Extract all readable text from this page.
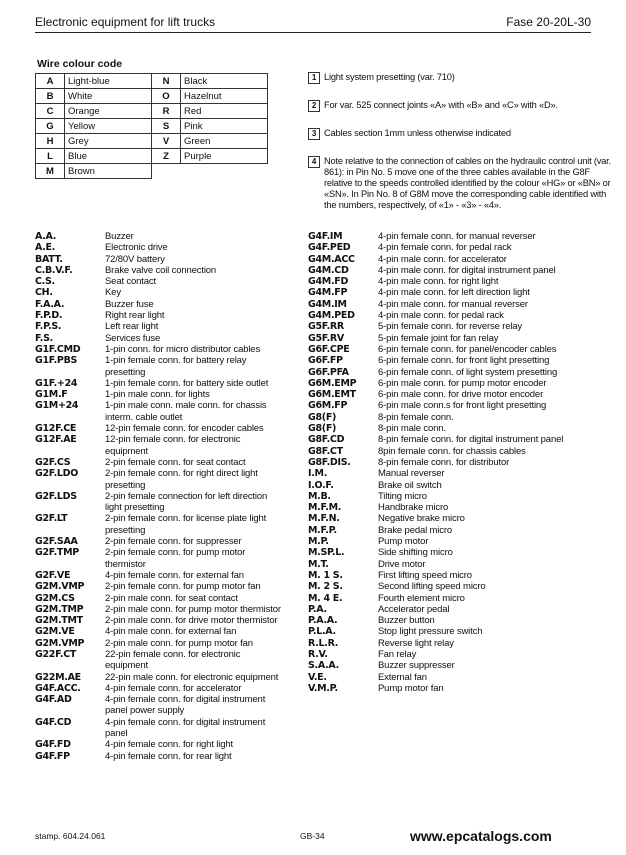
Electronic equipment for lift trucks	Fase 20-20L-30
Wire colour code
A	Light-blue	N	Black
B	White	O	Hazelnut
C	Orange	R	Red
G	Yellow	S	Pink
H	Grey	V	Green
L	Blue	Z	Purple
M	Brown		
1 Light system presetting (var. 710)
2 For var. 525 connect joints «A» with «B» and «C» with «D».
3 Cables section 1mm unless otherwise indicated
4 Note relative to the connection of cables on the hydraulic control unit (var. 861): in Pin No. 5 move one of the three cables available in the G8F relative to the speeds controlled identified by the colour «HG» or «BN» or «SN». In Pin No. 8 of G8M move the corresponding cable identified with the numbers, respectively, of «1» - «3» - «4».
A.A.	Buzzer
A.E.	Electronic drive
BATT.	72/80V battery
C.B.V.F.	Brake valve coil connection
C.S.	Seat contact
CH.	Key
F.A.A.	Buzzer fuse
F.P.D.	Right rear light
F.P.S.	Left rear light
F.S.	Services fuse
G1F.CMD	1-pin conn. for micro distributor cables
G1F.PBS	1-pin female conn. for battery relay presetting
G1F.+24	1-pin female conn. for battery side outlet
G1M.F	1-pin male conn. for lights
G1M+24	1-pin male conn. male conn. for chassis interm. cable outlet
G12F.CE	12-pin female conn. for encoder cables
G12F.AE	12-pin female conn. for electronic equipment
G2F.CS	2-pin female conn. for seat contact
G2F.LDO	2-pin female conn. for right direct light presetting
G2F.LDS	2-pin female connection for left direction light presetting
G2F.LT	2-pin female conn. for license plate light presetting
G2F.SAA	2-pin female conn. for suppresser
G2F.TMP	2-pin female conn. for pump motor thermistor
G2F.VE	4-pin female conn. for external fan
G2M.VMP	2-pin female conn. for pump motor fan
G2M.CS	2-pin male conn. for seat contact
G2M.TMP	2-pin male conn. for pump motor thermistor
G2M.TMT	2-pin male conn. for drive motor thermistor
G2M.VE	4-pin male conn. for external fan
G2M.VMP	2-pin male conn. for pump motor fan
G22F.CT	22-pin female conn. for electronic equipment
G22M.AE	22-pin male conn. for electronic equipment
G4F.ACC.	4-pin female conn. for accelerator
G4F.AD	4-pin female conn. for digital instrument panel power supply
G4F.CD	4-pin female conn. for digital instrument panel
G4F.FD	4-pin female conn. for right light
G4F.FP	4-pin female conn. for rear light
G4F.IM	4-pin female conn. for manual reverser
G4F.PED	4-pin female conn. for pedal rack
G4M.ACC	4-pin male conn. for accelerator
G4M.CD	4-pin male conn. for digital instrument panel
G4M.FD	4-pin male conn. for right light
G4M.FP	4-pin male conn. for left direction light
G4M.IM	4-pin male conn. for manual reverser
G4M.PED	4-pin male conn. for pedal rack
G5F.RR	5-pin female conn. for reverse relay
G5F.RV	5-pin female joint for fan relay
G6F.CPE	6-pin female conn. for panel/encoder cables
G6F.FP	6-pin female conn. for front light presetting
G6F.PFA	6-pin female conn. of light system presetting
G6M.EMP	6-pin male conn. for pump motor encoder
G6M.EMT	6-pin male conn. for drive motor encoder
G6M.FP	6-pin male conn.s for front light presetting
G8(F)	8-pin female conn.
G8(F)	8-pin male conn.
G8F.CD	8-pin female conn. for digital instrument panel
G8F.CT	8pin female conn. for chassis cables
G8F.DIS.	8-pin female conn. for distributor
I.M.	Manual reverser
I.O.F.	Brake oil switch
M.B.	Tilting micro
M.F.M.	Handbrake micro
M.F.N.	Negative brake micro
M.F.P.	Brake pedal micro
M.P.	Pump motor
M.SP.L.	Side shifting micro
M.T.	Drive motor
M. 1 S.	First lifting speed micro
M. 2 S.	Second lifting speed micro
M. 4 E.	Fourth element micro
P.A.	Accelerator pedal
P.A.A.	Buzzer button
P.L.A.	Stop light pressure switch
R.L.R.	Reverse light relay
R.V.	Fan relay
S.A.A.	Buzzer suppresser
V.E.	External fan
V.M.P.	Pump motor fan
stamp. 604.24.061	GB-34	www.epcatalogs.com
